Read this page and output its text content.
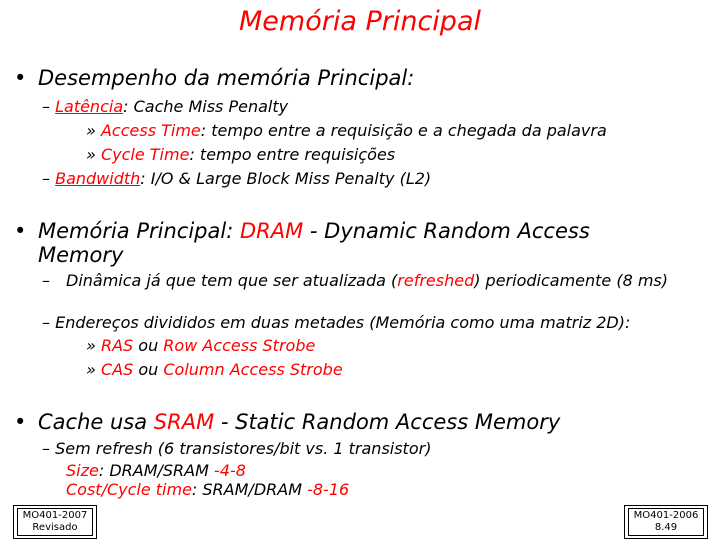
Memória Principal
• Desempenho da memória Principal:
– Latência: Cache Miss Penalty
» Access Time: tempo entre a requisição e a chegada da palavra
» Cycle Time: tempo entre requisições
– Bandwidth: I/O & Large Block Miss Penalty (L2)
• Memória Principal: DRAM - Dynamic Random Access
Memory
– Dinâmica já que tem que ser atualizada (refreshed) periodicamente (8 ms)
– Endereços divididos em duas metades (Memória como uma matriz 2D):
» RAS ou Row Access Strobe
» CAS ou Column Access Strobe
• Cache usa SRAM - Static Random Access Memory
– Sem refresh (6 transistores/bit vs. 1 transistor)
Size: DRAM/SRAM -4-8
Cost/Cycle time: SRAM/DRAM -8-16
MO401-2007
Revisado
MO401-2006
8.49
